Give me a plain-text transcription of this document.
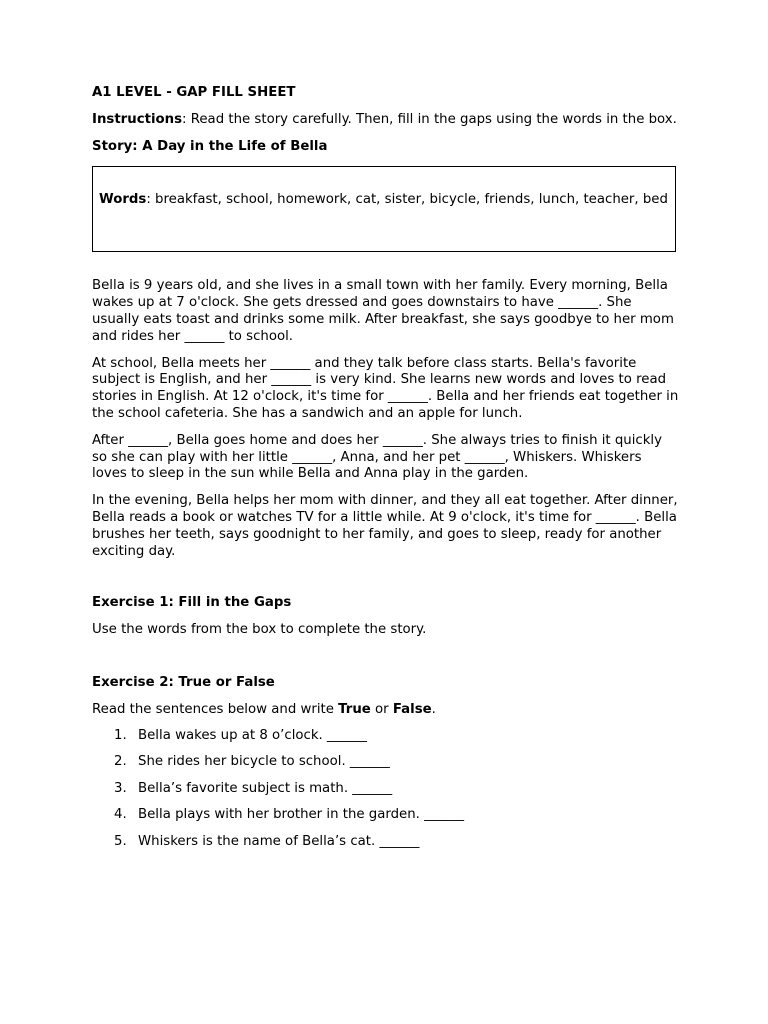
A1 LEVEL - GAP FILL SHEET

Instructions: Read the story carefully. Then, fill in the gaps using the words in the box.

Story: A Day in the Life of Bella

Words: breakfast, school, homework, cat, sister, bicycle, friends, lunch, teacher, bed

Bella is 9 years old, and she lives in a small town with her family. Every morning, Bella wakes up at 7 o'clock. She gets dressed and goes downstairs to have ______. She usually eats toast and drinks some milk. After breakfast, she says goodbye to her mom and rides her ______ to school.

At school, Bella meets her ______ and they talk before class starts. Bella's favorite subject is English, and her ______ is very kind. She learns new words and loves to read stories in English. At 12 o'clock, it's time for ______. Bella and her friends eat together in the school cafeteria. She has a sandwich and an apple for lunch.

After ______, Bella goes home and does her ______. She always tries to finish it quickly so she can play with her little ______, Anna, and her pet ______, Whiskers. Whiskers loves to sleep in the sun while Bella and Anna play in the garden.

In the evening, Bella helps her mom with dinner, and they all eat together. After dinner, Bella reads a book or watches TV for a little while. At 9 o'clock, it's time for ______. Bella brushes her teeth, says goodnight to her family, and goes to sleep, ready for another exciting day.

Exercise 1: Fill in the Gaps

Use the words from the box to complete the story.

Exercise 2: True or False

Read the sentences below and write True or False.

1. Bella wakes up at 8 o’clock. ______
2. She rides her bicycle to school. ______
3. Bella’s favorite subject is math. ______
4. Bella plays with her brother in the garden. ______
5. Whiskers is the name of Bella’s cat. ______
